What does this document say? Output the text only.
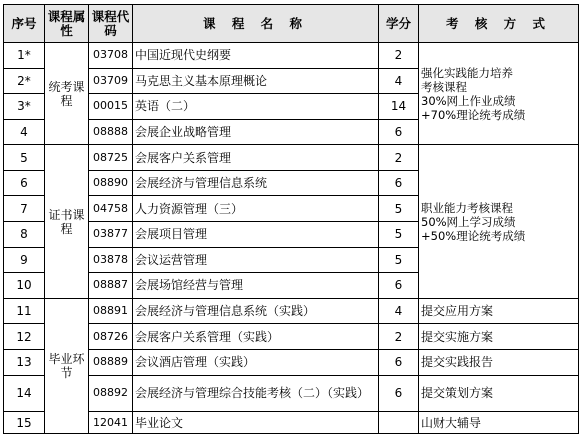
序号	课程属性	课程代码	课 程 名 称	学分	考 核 方 式
1*	统考课程	03708	中国近现代史纲要	2	强化实践能力培养
考核课程
30%网上作业成绩
+70%理论统考成绩

2*		03709	马克思主义基本原理概论	4	
3*		00015	英语（二）	14	
4		08888	会展企业战略管理	6	
5	证书课程	08725	会展客户关系管理	2	职业能力考核课程
50%网上学习成绩
+50%理论统考成绩

6		08890	会展经济与管理信息系统	6	
7		04758	人力资源管理（三）	5	
8		03877	会展项目管理	5	
9		03878	会议运营管理	5	
10		08887	会展场馆经营与管理	6	
11	毕业环节	08891	会展经济与管理信息系统（实践）	4	提交应用方案
12		08726	会展客户关系管理（实践）	2	提交实施方案
13		08889	会议酒店管理（实践）	6	提交实践报告
14		08892	会展经济与管理综合技能考核（二）（实践）	6	提交策划方案
15		12041	毕业论文		山财大辅导
